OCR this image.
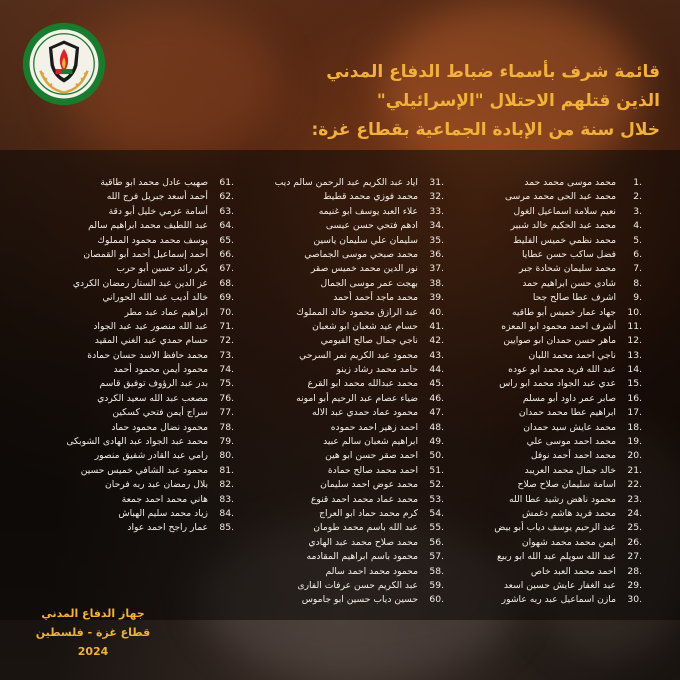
قائمة شرف بأسماء ضباط الدفاع المدني
الذين قتلهم الاحتلال "الإسرائيلي"
خلال سنة من الإبادة الجماعية بقطاع غزة:
1.
محمد موسى محمد حمد
2.
محمد عبد الحى محمد مرسى
3.
نعيم سلامة اسماعيل الغول
4.
محمد عبد الحكيم خالد شبير
5.
محمد نظمي خميس الفليط
6.
فضل ساكب حسن عطايا
7.
محمد سليمان شحادة جبر
8.
شادى حسن ابراهيم حمد
9.
اشرف عطا صالح جحا
10.
جهاد عمار خميس أبو طاقيه
11.
أشرف احمد محمود ابو المعزه
12.
ماهر حسن حمدان ابو صوايين
13.
ناجي احمد محمد اللبان
14.
عبد الله فريد محمد ابو عوده
15.
عدي عبد الجواد محمد ابو راس
16.
صابر عمر داود أبو مسلم
17.
ابراهيم عطا محمد حمدان
18.
محمد عايش سيد حمدان
19.
محمد احمد موسى علي
20.
محمد احمد أحمد نوفل
21.
خالد جمال محمد العريبد
22.
اسامة سليمان صلاح صلاح
23.
محمود ناهض رشيد عطا الله
24.
محمد فريد هاشم دغمش
25.
عبد الرحيم يوسف دياب أبو بيض
26.
ايمن محمد محمد شهوان
27.
عبد الله سويلم عبد الله ابو ربيع
28.
احمد محمد العبد خاص
29.
عبد الغفار عايش حسين اسعد
30.
مازن اسماعيل عبد ربه عاشور
31.
اياد عبد الكريم عبد الرحمن سالم ديب
32.
محمد فوزي محمد قطيط
33.
علاء العبد يوسف ابو غنيمه
34.
ادهم فتحي حسن عيسى
35.
سليمان علي سليمان ياسين
36.
محمد صبحي موسى الجماصي
37.
نور الدين محمد خميس صقر
38.
بهجت عمر موسى الجمال
39.
محمد ماجد أحمد أحمد
40.
عبد الرازق محمود خالد المملوك
41.
حسام عيد شعبان ابو شعبان
42.
ناجي جمال صالح الفيومي
43.
محمود عبد الكريم نمر السرحي
44.
حامد محمد رشاد زينو
45.
محمد عبدالله محمد ابو القرع
46.
ضياء عصام عبد الرحيم أبو امونه
47.
محمود عماد حمدي عبد الاله
48.
احمد زهير احمد حموده
49.
ابراهيم شعبان سالم عبيد
50.
احمد صقر حسن ابو هين
51.
احمد محمد صالح حمادة
52.
محمد عوض احمد سليمان
53.
محمد عماد محمد احمد قنوع
54.
كرم محمد حماد ابو العراج
55.
عبد الله باسم محمد طومان
56.
محمد صلاح محمد عبد الهادي
57.
محمود باسم ابراهيم المقادمه
58.
محمود محمد احمد سالم
59.
عبد الكريم حسن عرفات الفارى
60.
حسين دياب حسين ابو جاموس
61.
صهيب عادل محمد ابو طاقية
62.
أحمد أسعد جبريل فرج الله
63.
أسامة عزمي خليل أبو دقة
64.
عبد اللطيف محمد ابراهيم سالم
65.
يوسف محمد محمود المملوك
66.
أحمد إسماعيل أحمد أبو القمصان
67.
بكر رائد حسين أبو حرب
68.
عز الدين عبد الستار رمضان الكردي
69.
خالد أديب عبد الله الحوراني
70.
ابراهيم عماد عبد مطر
71.
عبد الله منصور عيد عبد الجواد
72.
حسام حمدي عبد الغني المقيد
73.
محمد حافظ الاسد حسان حمادة
74.
محمود أيمن محمود أحمد
75.
بدر عبد الرؤوف توفيق قاسم
76.
مصعب عبد الله سعيد الكردي
77.
سراج أيمن فتحي كسكين
78.
محمود نضال محمود حماد
79.
محمد عبد الجواد عبد الهادى الشوبكى
80.
رامي عبد القادر شفيق منصور
81.
محمود عبد الشافي خميس حسين
82.
بلال رمضان عبد ربه فرحان
83.
هاني محمد احمد جمعة
84.
زياد محمد سليم الهباش
85.
عمار راجح احمد عواد
جهاز الدفاع المدني
قطاع غزة - فلسطين
2024
